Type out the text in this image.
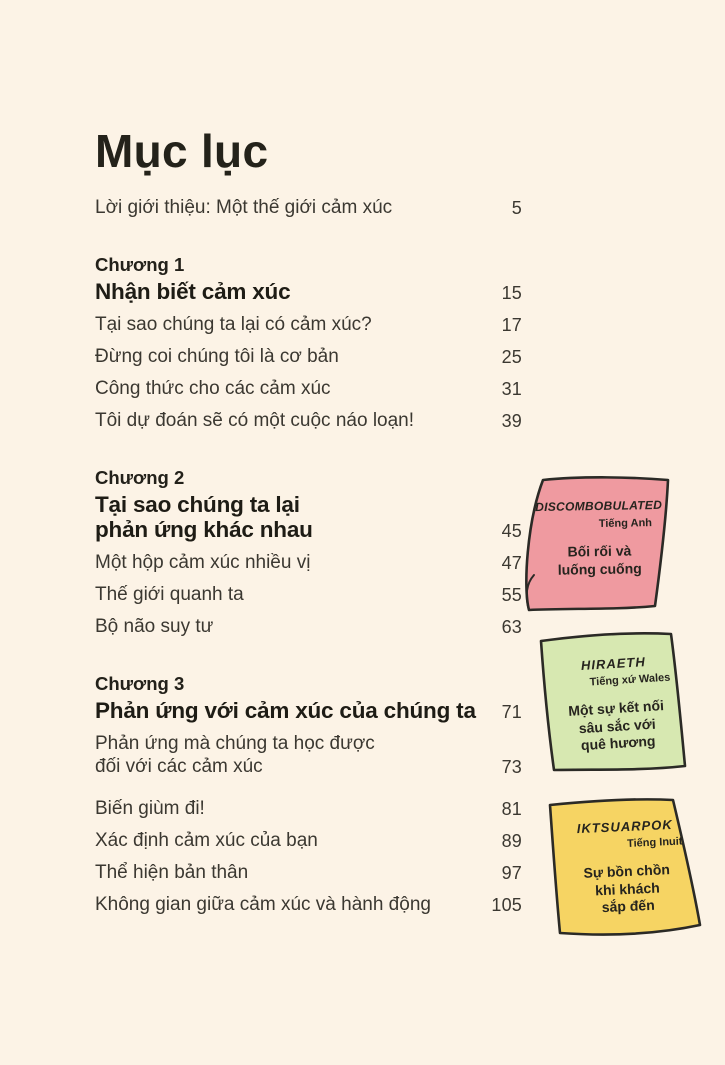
Mục lục
Lời giới thiệu: Một thế giới cảm xúc	5
Chương 1
Nhận biết cảm xúc	15
Tại sao chúng ta lại có cảm xúc?	17
Đừng coi chúng tôi là cơ bản	25
Công thức cho các cảm xúc	31
Tôi dự đoán sẽ có một cuộc náo loạn!	39
Chương 2
Tại sao chúng ta lại
phản ứng khác nhau	45
Một hộp cảm xúc nhiều vị	47
Thế giới quanh ta	55
Bộ não suy tư	63
Chương 3
Phản ứng với cảm xúc của chúng ta	71
Phản ứng mà chúng ta học được
đối với các cảm xúc	73
Biến giùm đi!	81
Xác định cảm xúc của bạn	89
Thể hiện bản thân	97
Không gian giữa cảm xúc và hành động	105
DISCOMBOBULATED
Tiếng Anh
Bối rối và
luống cuống
HIRAETH
Tiếng xứ Wales
Một sự kết nối
sâu sắc với
quê hương
IKTSUARPOK
Tiếng Inuit
Sự bồn chồn
khi khách
sắp đến
